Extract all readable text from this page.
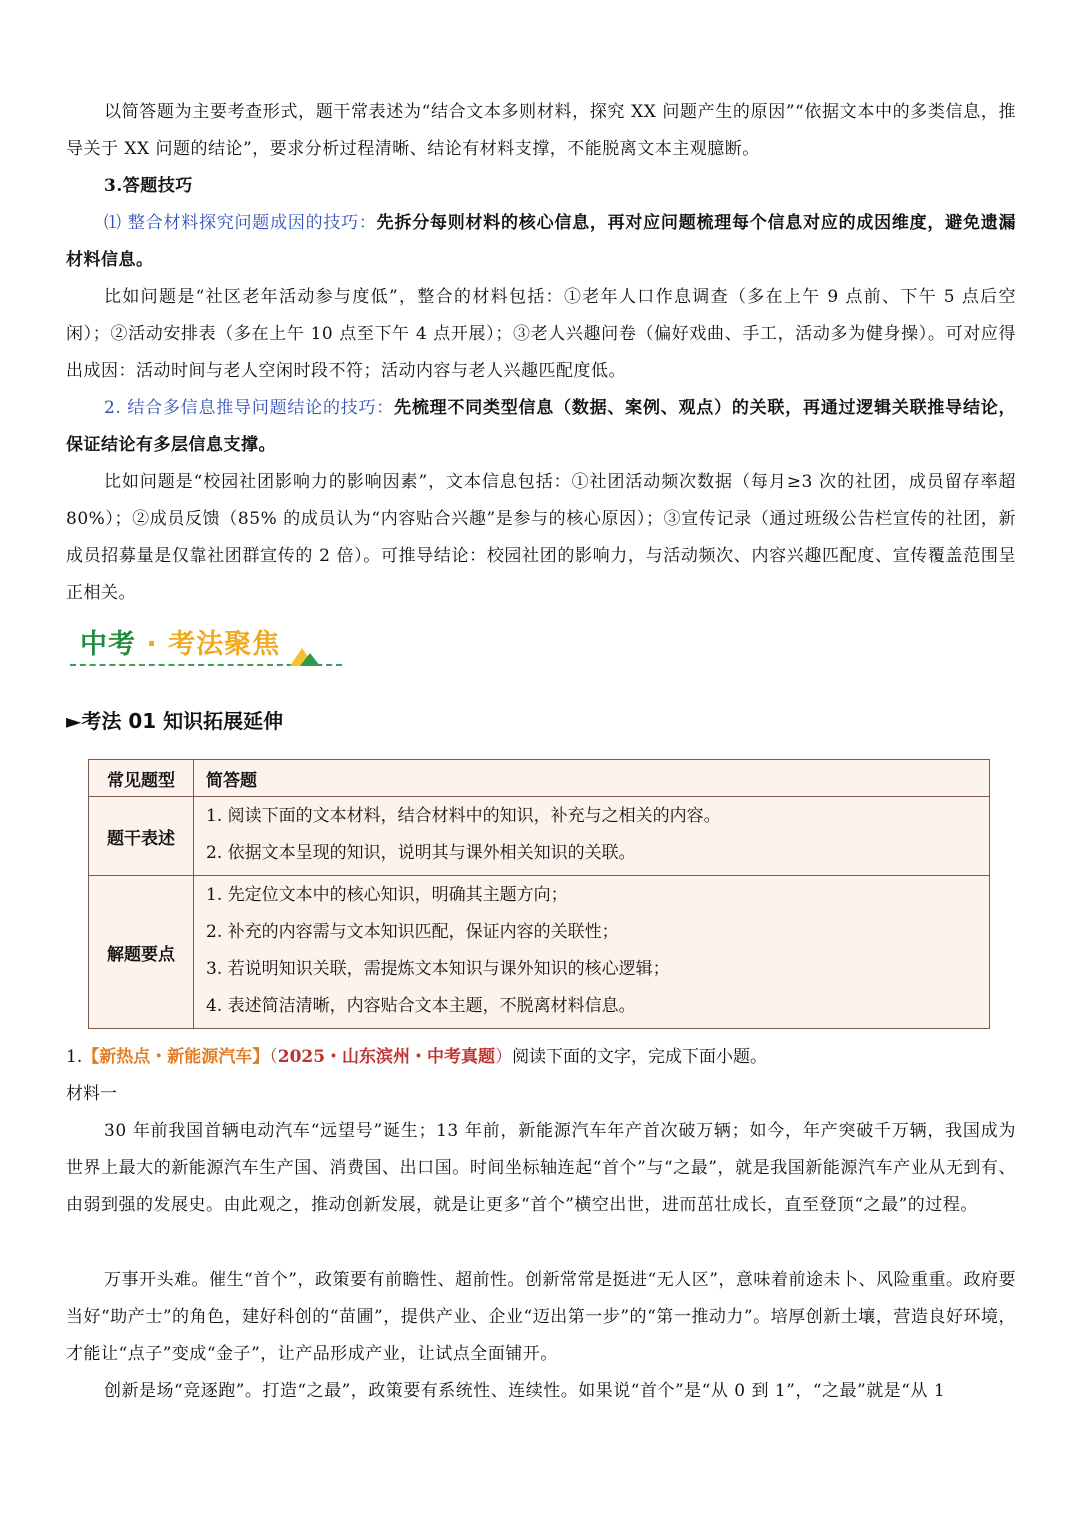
以简答题为主要考查形式，题干常表述为“结合文本多则材料，探究 XX 问题产生的原因”“依据文本中的多类信息，推导关于 XX 问题的结论”，要求分析过程清晰、结论有材料支撑，不能脱离文本主观臆断。

3.答题技巧

⑴ 整合材料探究问题成因的技巧：先拆分每则材料的核心信息，再对应问题梳理每个信息对应的成因维度，避免遗漏材料信息。

比如问题是“社区老年活动参与度低”，整合的材料包括：①老年人口作息调查（多在上午 9 点前、下午 5 点后空闲）；②活动安排表（多在上午 10 点至下午 4 点开展）；③老人兴趣问卷（偏好戏曲、手工，活动多为健身操）。可对应得出成因：活动时间与老人空闲时段不符；活动内容与老人兴趣匹配度低。

2. 结合多信息推导问题结论的技巧：先梳理不同类型信息（数据、案例、观点）的关联，再通过逻辑关联推导结论，保证结论有多层信息支撑。

比如问题是“校园社团影响力的影响因素”，文本信息包括：①社团活动频次数据（每月≥3 次的社团，成员留存率超 80%）；②成员反馈（85% 的成员认为“内容贴合兴趣”是参与的核心原因）；③宣传记录（通过班级公告栏宣传的社团，新成员招募量是仅靠社团群宣传的 2 倍）。可推导结论：校园社团的影响力，与活动频次、内容兴趣匹配度、宣传覆盖范围呈正相关。

中考 · 考法聚焦
►考法 01 知识拓展延伸
常见题型	简答题
题干表述	1. 阅读下面的文本材料，结合材料中的知识，补充与之相关的内容。
2. 依据文本呈现的知识，说明其与课外相关知识的关联。

解题要点	1. 先定位文本中的核心知识，明确其主题方向；
2. 补充的内容需与文本知识匹配，保证内容的关联性；
3. 若说明知识关联，需提炼文本知识与课外知识的核心逻辑；
4. 表述简洁清晰，内容贴合文本主题，不脱离材料信息。
1.【新热点・新能源汽车】（2025・山东滨州・中考真题）阅读下面的文字，完成下面小题。
材料一

30 年前我国首辆电动汽车“远望号”诞生；13 年前，新能源汽车年产首次破万辆；如今，年产突破千万辆，我国成为世界上最大的新能源汽车生产国、消费国、出口国。时间坐标轴连起“首个”与“之最”，就是我国新能源汽车产业从无到有、由弱到强的发展史。由此观之，推动创新发展，就是让更多“首个”横空出世，进而茁壮成长，直至登顶“之最”的过程。

万事开头难。催生“首个”，政策要有前瞻性、超前性。创新常常是挺进“无人区”，意味着前途未卜、风险重重。政府要当好“助产士”的角色，建好科创的“苗圃”，提供产业、企业“迈出第一步”的“第一推动力”。培厚创新土壤，营造良好环境，才能让“点子”变成“金子”，让产品形成产业，让试点全面铺开。

创新是场“竞逐跑”。打造“之最”，政策要有系统性、连续性。如果说“首个”是“从 0 到 1”，“之最”就是“从 1
